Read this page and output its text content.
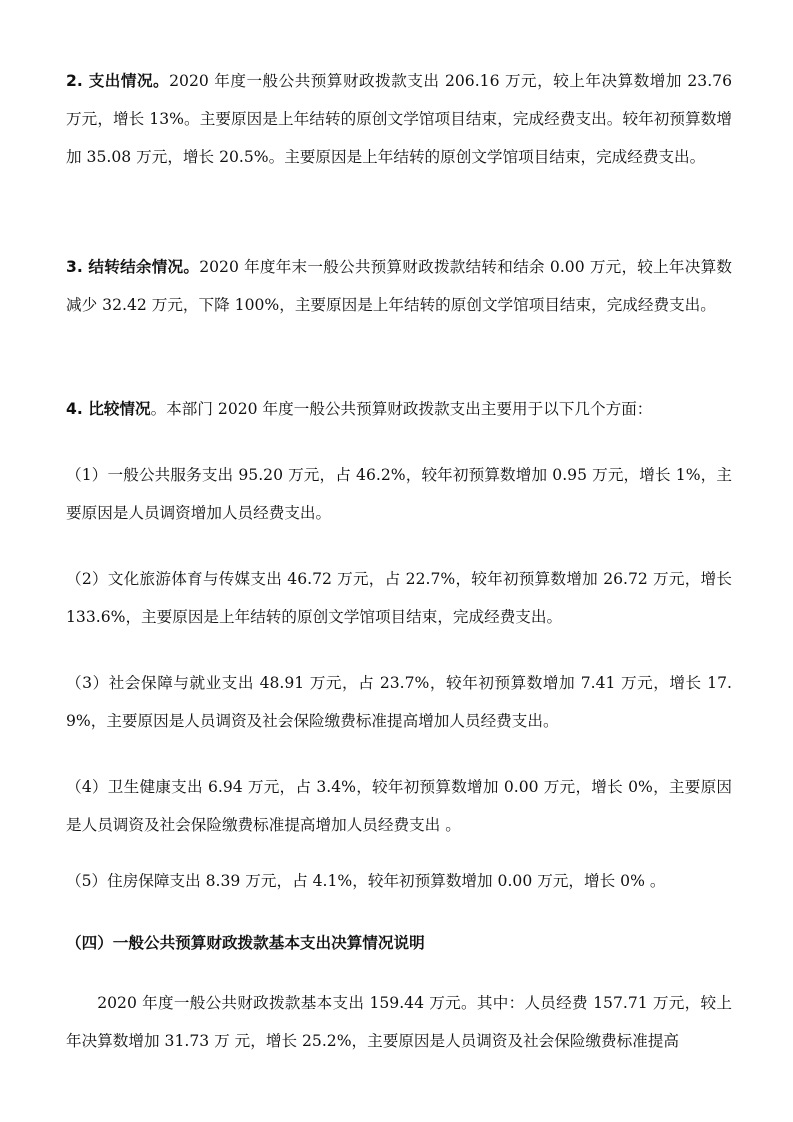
2. 支出情况。2020 年度一般公共预算财政拨款支出 206.16 万元，较上年决算数增加 23.76 万元，增长 13%。主要原因是上年结转的原创文学馆项目结束，完成经费支出。较年初预算数增加 35.08 万元，增长 20.5%。主要原因是上年结转的原创文学馆项目结束，完成经费支出。

3. 结转结余情况。2020 年度年末一般公共预算财政拨款结转和结余 0.00 万元，较上年决算数减少 32.42 万元，下降 100%，主要原因是上年结转的原创文学馆项目结束，完成经费支出。

4. 比较情况。本部门 2020 年度一般公共预算财政拨款支出主要用于以下几个方面：

（1）一般公共服务支出 95.20 万元，占 46.2%，较年初预算数增加 0.95 万元，增长 1%，主要原因是人员调资增加人员经费支出。

（2）文化旅游体育与传媒支出 46.72 万元，占 22.7%，较年初预算数增加 26.72 万元，增长 133.6%，主要原因是上年结转的原创文学馆项目结束，完成经费支出。

（3）社会保障与就业支出 48.91 万元，占 23.7%，较年初预算数增加 7.41 万元，增长 17.9%，主要原因是人员调资及社会保险缴费标准提高增加人员经费支出。

（4）卫生健康支出 6.94 万元，占 3.4%，较年初预算数增加 0.00 万元，增长 0%，主要原因是人员调资及社会保险缴费标准提高增加人员经费支出 。

（5）住房保障支出 8.39 万元，占 4.1%，较年初预算数增加 0.00 万元，增长 0% 。

（四）一般公共预算财政拨款基本支出决算情况说明

2020 年度一般公共财政拨款基本支出 159.44 万元。其中：人员经费 157.71 万元，较上年决算数增加 31.73 万 元，增长 25.2%，主要原因是人员调资及社会保险缴费标准提高
